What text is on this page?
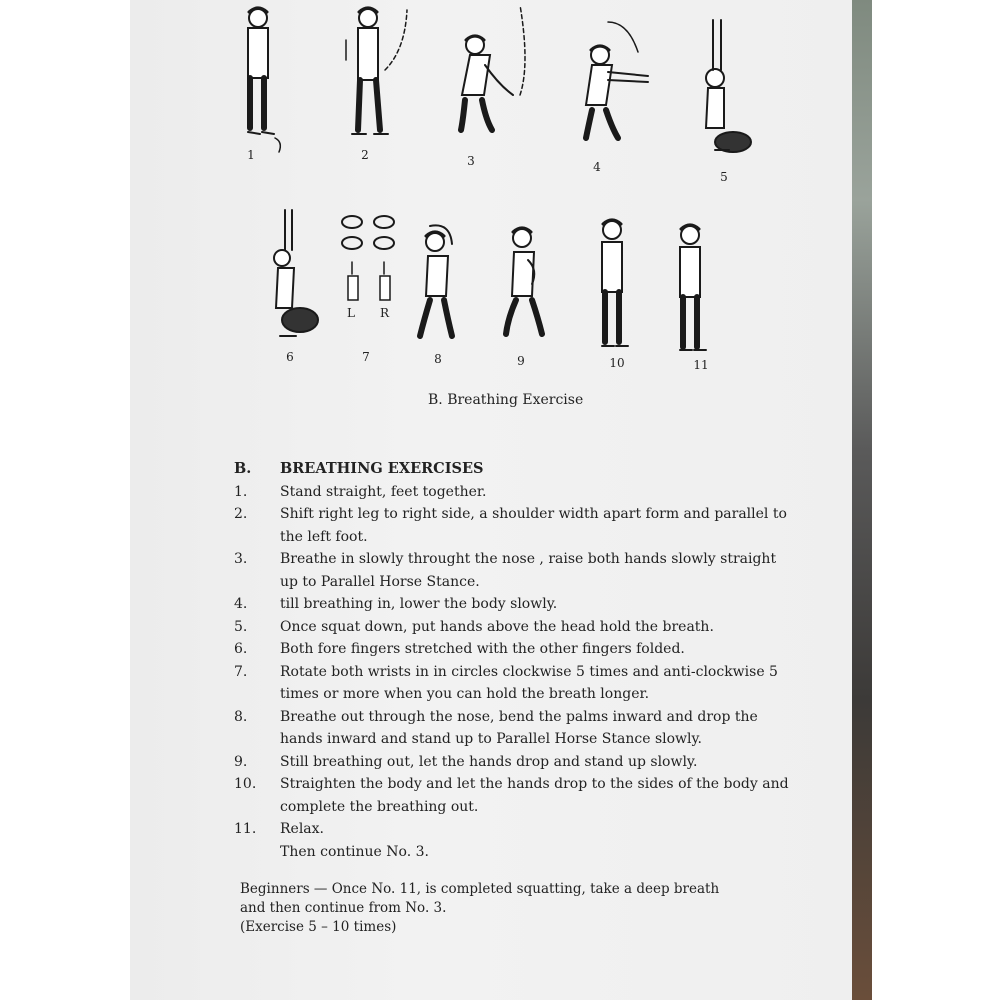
1	2	3	4
5
6	7	8	9	10	11
L R
B. Breathing Exercise
B.	BREATHING EXERCISES
1.	Stand straight, feet together.
2.	Shift right leg to right side, a shoulder width apart form and parallel to the left foot.
3.	Breathe in slowly throught the nose , raise both hands slowly straight up to Parallel Horse Stance.
4.	till breathing in, lower the body slowly.
5.	Once squat down, put hands above the head hold the breath.
6.	Both fore fingers stretched with the other fingers folded.
7.	Rotate both wrists in in circles clockwise 5 times and anti-clockwise 5 times or more when you can hold the breath longer.
8.	Breathe out through the nose, bend the palms inward and drop the hands inward and stand up to Parallel Horse Stance slowly.
9.	Still breathing out, let the hands drop and stand up slowly.
10.	Straighten the body and let the hands drop to the sides of the body and complete the breathing out.
11.	Relax.
Then continue No. 3.
Beginners — Once No. 11, is completed squatting, take a deep breath
and then continue from No. 3.
(Exercise 5 – 10 times)
